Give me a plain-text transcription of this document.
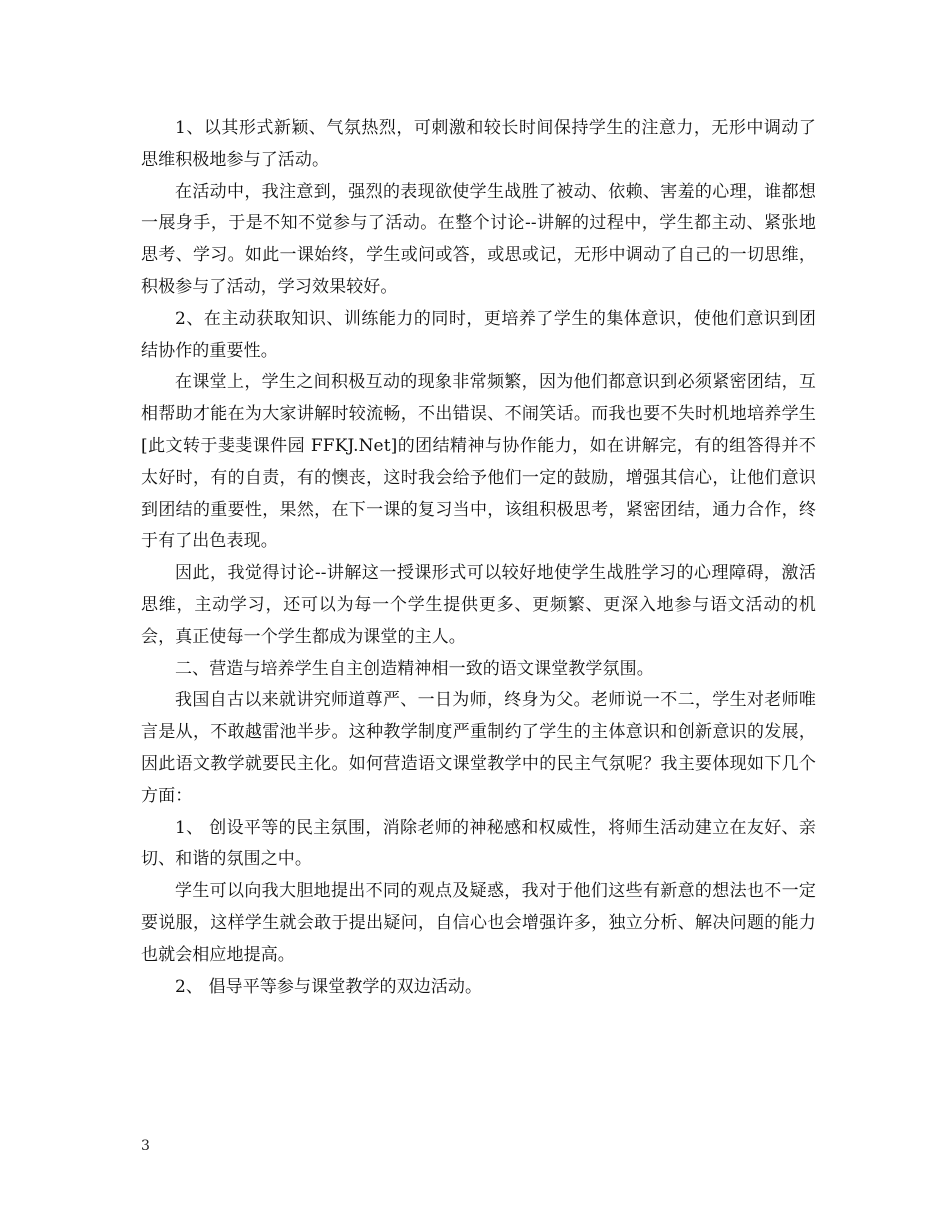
1、以其形式新颖、气氛热烈，可刺激和较长时间保持学生的注意力，无形中调动了思维积极地参与了活动。

在活动中，我注意到，强烈的表现欲使学生战胜了被动、依赖、害羞的心理，谁都想一展身手，于是不知不觉参与了活动。在整个讨论--讲解的过程中，学生都主动、紧张地思考、学习。如此一课始终，学生或问或答，或思或记，无形中调动了自己的一切思维，积极参与了活动，学习效果较好。

2、在主动获取知识、训练能力的同时，更培养了学生的集体意识，使他们意识到团结协作的重要性。

在课堂上，学生之间积极互动的现象非常频繁，因为他们都意识到必须紧密团结，互相帮助才能在为大家讲解时较流畅，不出错误、不闹笑话。而我也要不失时机地培养学生[此文转于斐斐课件园 FFKJ.Net]的团结精神与协作能力，如在讲解完，有的组答得并不太好时，有的自责，有的懊丧，这时我会给予他们一定的鼓励，增强其信心，让他们意识到团结的重要性，果然，在下一课的复习当中，该组积极思考，紧密团结，通力合作，终于有了出色表现。

因此，我觉得讨论--讲解这一授课形式可以较好地使学生战胜学习的心理障碍，激活思维，主动学习，还可以为每一个学生提供更多、更频繁、更深入地参与语文活动的机会，真正使每一个学生都成为课堂的主人。

二、营造与培养学生自主创造精神相一致的语文课堂教学氛围。

我国自古以来就讲究师道尊严、一日为师，终身为父。老师说一不二，学生对老师唯言是从，不敢越雷池半步。这种教学制度严重制约了学生的主体意识和创新意识的发展，因此语文教学就要民主化。如何营造语文课堂教学中的民主气氛呢？我主要体现如下几个方面：

1、 创设平等的民主氛围，消除老师的神秘感和权威性，将师生活动建立在友好、亲切、和谐的氛围之中。

学生可以向我大胆地提出不同的观点及疑惑，我对于他们这些有新意的想法也不一定要说服，这样学生就会敢于提出疑问，自信心也会增强许多，独立分析、解决问题的能力也就会相应地提高。

2、 倡导平等参与课堂教学的双边活动。

3
